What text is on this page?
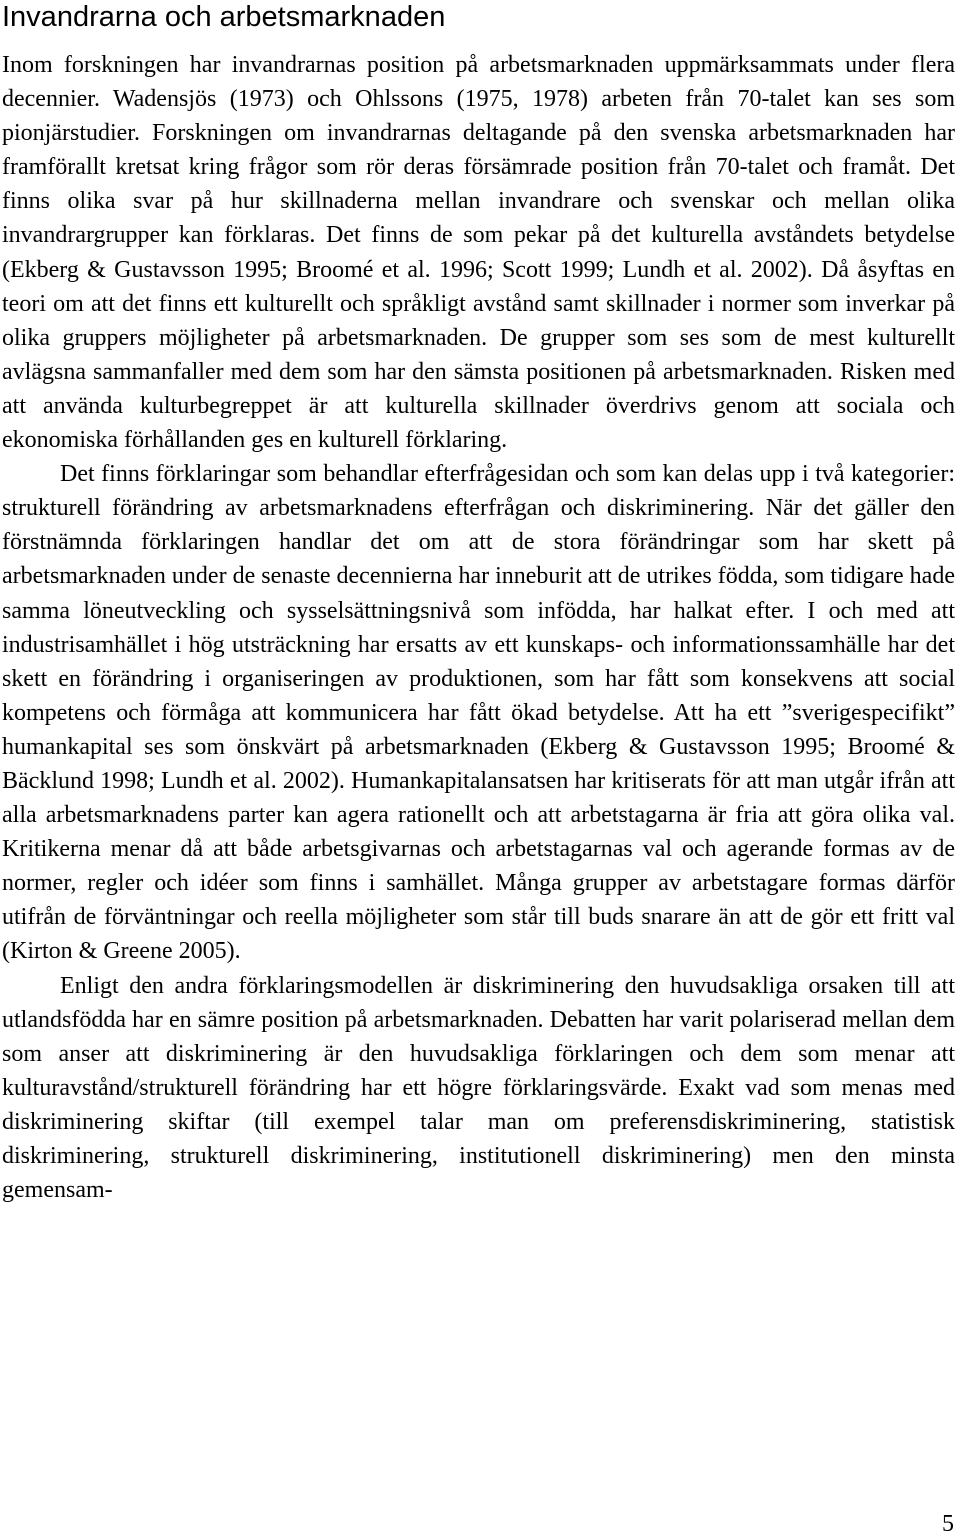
Invandrarna och arbetsmarknaden

Inom forskningen har invandrarnas position på arbetsmarknaden uppmärksammats under flera decennier. Wadensjös (1973) och Ohlssons (1975, 1978) arbeten från 70-talet kan ses som pionjärstudier. Forskningen om invandrarnas deltagande på den svenska arbetsmarknaden har framförallt kretsat kring frågor som rör deras försämrade position från 70-talet och framåt. Det finns olika svar på hur skillnaderna mellan invandrare och svenskar och mellan olika invandrargrupper kan förklaras. Det finns de som pekar på det kulturella avståndets betydelse (Ekberg & Gustavsson 1995; Broomé et al. 1996; Scott 1999; Lundh et al. 2002). Då åsyftas en teori om att det finns ett kulturellt och språkligt avstånd samt skillnader i normer som inverkar på olika gruppers möjligheter på arbetsmarknaden. De grupper som ses som de mest kulturellt avlägsna sammanfaller med dem som har den sämsta positionen på arbetsmarknaden. Risken med att använda kulturbegreppet är att kulturella skillnader överdrivs genom att sociala och ekonomiska förhållanden ges en kulturell förklaring.

Det finns förklaringar som behandlar efterfrågesidan och som kan delas upp i två kategorier: strukturell förändring av arbetsmarknadens efterfrågan och diskriminering. När det gäller den förstnämnda förklaringen handlar det om att de stora förändringar som har skett på arbetsmarknaden under de senaste decennierna har inneburit att de utrikes födda, som tidigare hade samma löneutveckling och sysselsättningsnivå som infödda, har halkat efter. I och med att industrisamhället i hög utsträckning har ersatts av ett kunskaps- och informationssamhälle har det skett en förändring i organiseringen av produktionen, som har fått som konsekvens att social kompetens och förmåga att kommunicera har fått ökad betydelse. Att ha ett ”sverigespecifikt” humankapital ses som önskvärt på arbetsmarknaden (Ekberg & Gustavsson 1995; Broomé & Bäcklund 1998; Lundh et al. 2002). Humankapitalansatsen har kritiserats för att man utgår ifrån att alla arbetsmarknadens parter kan agera rationellt och att arbetstagarna är fria att göra olika val. Kritikerna menar då att både arbetsgivarnas och arbetstagarnas val och agerande formas av de normer, regler och idéer som finns i samhället. Många grupper av arbetstagare formas därför utifrån de förväntningar och reella möjligheter som står till buds snarare än att de gör ett fritt val (Kirton & Greene 2005).

Enligt den andra förklaringsmodellen är diskriminering den huvudsakliga orsaken till att utlandsfödda har en sämre position på arbetsmarknaden. Debatten har varit polariserad mellan dem som anser att diskriminering är den huvudsakliga förklaringen och dem som menar att kulturavstånd/strukturell förändring har ett högre förklaringsvärde. Exakt vad som menas med diskriminering skiftar (till exempel talar man om preferensdiskriminering, statistisk diskriminering, strukturell diskriminering, institutionell diskriminering) men den minsta gemensam-

5
